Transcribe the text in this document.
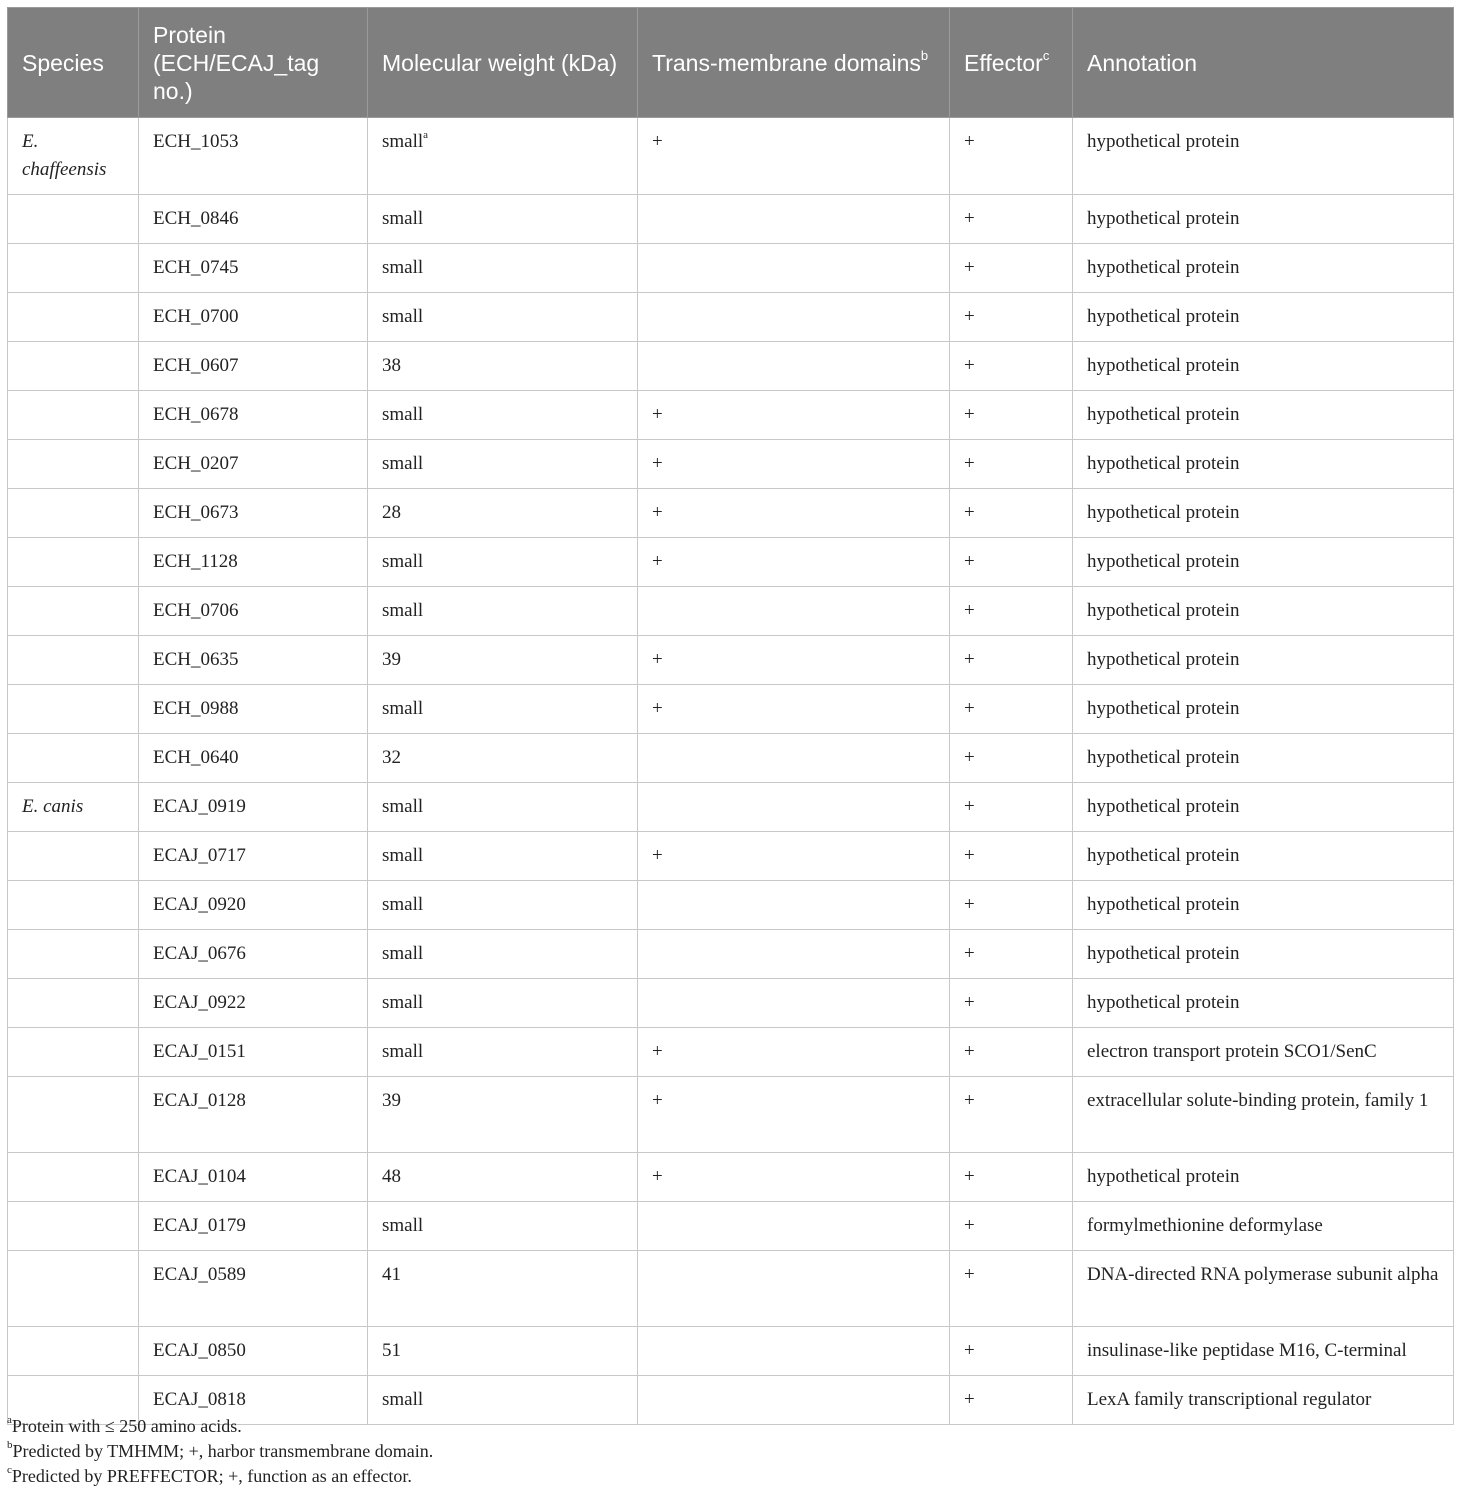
Species	Protein (ECH/ECAJ_tag no.)	Molecular weight (kDa)	Trans-membrane domains$^b$	Effector$^c$	Annotation
E. chaffeensis	ECH_1053	small$^a$	+	+	hypothetical protein
	ECH_0846	small		+	hypothetical protein
	ECH_0745	small		+	hypothetical protein
	ECH_0700	small		+	hypothetical protein
	ECH_0607	38		+	hypothetical protein
	ECH_0678	small	+	+	hypothetical protein
	ECH_0207	small	+	+	hypothetical protein
	ECH_0673	28	+	+	hypothetical protein
	ECH_1128	small	+	+	hypothetical protein
	ECH_0706	small		+	hypothetical protein
	ECH_0635	39	+	+	hypothetical protein
	ECH_0988	small	+	+	hypothetical protein
	ECH_0640	32		+	hypothetical protein
E. canis	ECAJ_0919	small		+	hypothetical protein
	ECAJ_0717	small	+	+	hypothetical protein
	ECAJ_0920	small		+	hypothetical protein
	ECAJ_0676	small		+	hypothetical protein
	ECAJ_0922	small		+	hypothetical protein
	ECAJ_0151	small	+	+	electron transport protein SCO1/SenC
	ECAJ_0128	39	+	+	extracellular solute-binding protein, family 1
	ECAJ_0104	48	+	+	hypothetical protein
	ECAJ_0179	small		+	formylmethionine deformylase
	ECAJ_0589	41		+	DNA-directed RNA polymerase subunit alpha
	ECAJ_0850	51		+	insulinase-like peptidase M16, C-terminal
	ECAJ_0818	small		+	LexA family transcriptional regulator
$^a$Protein with ≤ 250 amino acids.
$^b$Predicted by TMHMM; +, harbor transmembrane domain.
$^c$Predicted by PREFFECTOR; +, function as an effector.
